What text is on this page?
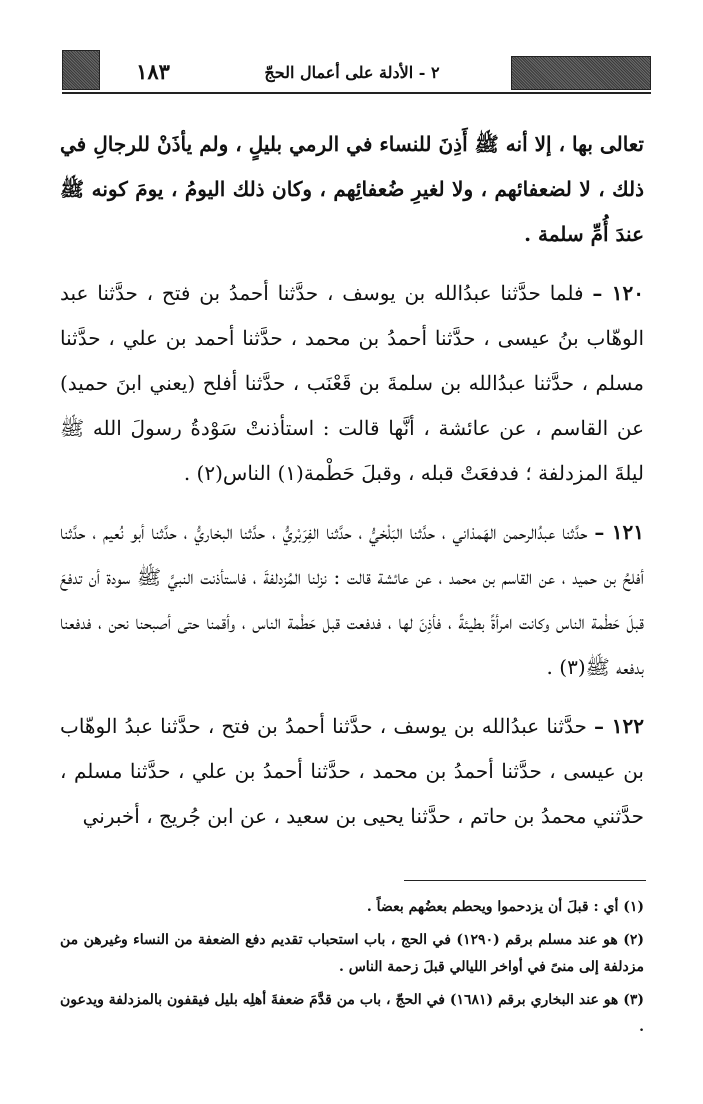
١٨٣	٢ - الأدلة على أعمال الحجّ

تعالى بها ، إلا أنه ﷺ أَذِنَ للنساء في الرمي بليلٍ ، ولم يأذَنْ للرجالِ في ذلك ، لا لضعفائهم ، ولا لغيرِ ضُعفائِهم ، وكان ذلك اليومُ ، يومَ كونه ﷺ عندَ أُمِّ سلمة .

١٢٠ – فلما حدَّثنا عبدُالله بن يوسف ، حدَّثنا أحمدُ بن فتح ، حدَّثنا عبد الوهّاب بنُ عيسى ، حدَّثنا أحمدُ بن محمد ، حدَّثنا أحمد بن علي ، حدَّثنا مسلم ، حدَّثنا عبدُالله بن سلمةَ بن قَعْنَب ، حدَّثنا أفلح (يعني ابنَ حميد) عن القاسم ، عن عائشة ، أنَّها قالت : استأذنتْ سَوْدةُ رسولَ الله ﷺ ليلةَ المزدلفة ؛ فدفعَتْ قبله ، وقبلَ حَطْمة(١) الناس(٢) .

١٢١ – حدَّثنا عبدُالرحمن الهَمذاني ، حدَّثنا البَلْخيُّ ، حدَّثنا الفِرَبْريُّ ، حدَّثنا البخاريُّ ، حدَّثنا أبو نُعيم ، حدَّثنا أفلحُ بن حميد ، عن القاسم بن محمد ، عن عائشة قالت : نزلنا المُزدلفةَ ، فاستأذنت النبيَّ ﷺ سودة أن تدفعَ قبلَ حَطْمة الناس وكانت امرأةً بطيئةً ، فأذِنَ لها ، فدفعت قبل حَطْمة الناس ، وأقمنا حتى أصبحنا نحن ، فدفعنا بدفعه ﷺ(٣) .

١٢٢ – حدَّثنا عبدُالله بن يوسف ، حدَّثنا أحمدُ بن فتح ، حدَّثنا عبدُ الوهّاب بن عيسى ، حدَّثنا أحمدُ بن محمد ، حدَّثنا أحمدُ بن علي ، حدَّثنا مسلم ، حدَّثني محمدُ بن حاتم ، حدَّثنا يحيى بن سعيد ، عن ابن جُريج ، أخبرني

(١) أي : قبلَ أن يزدحموا ويحطم بعضُهم بعضاً .

(٢) هو عند مسلم برقم (١٢٩٠) في الحج ، باب استحباب تقديم دفع الضعفة من النساء وغيرهن من مزدلفة إلى منىً في أواخر الليالي قبلَ زحمة الناس .

(٣) هو عند البخاري برقم (١٦٨١) في الحجّ ، باب من قدَّمَ ضعفةَ أهلِه بليل فيقفون بالمزدلفة ويدعون .
